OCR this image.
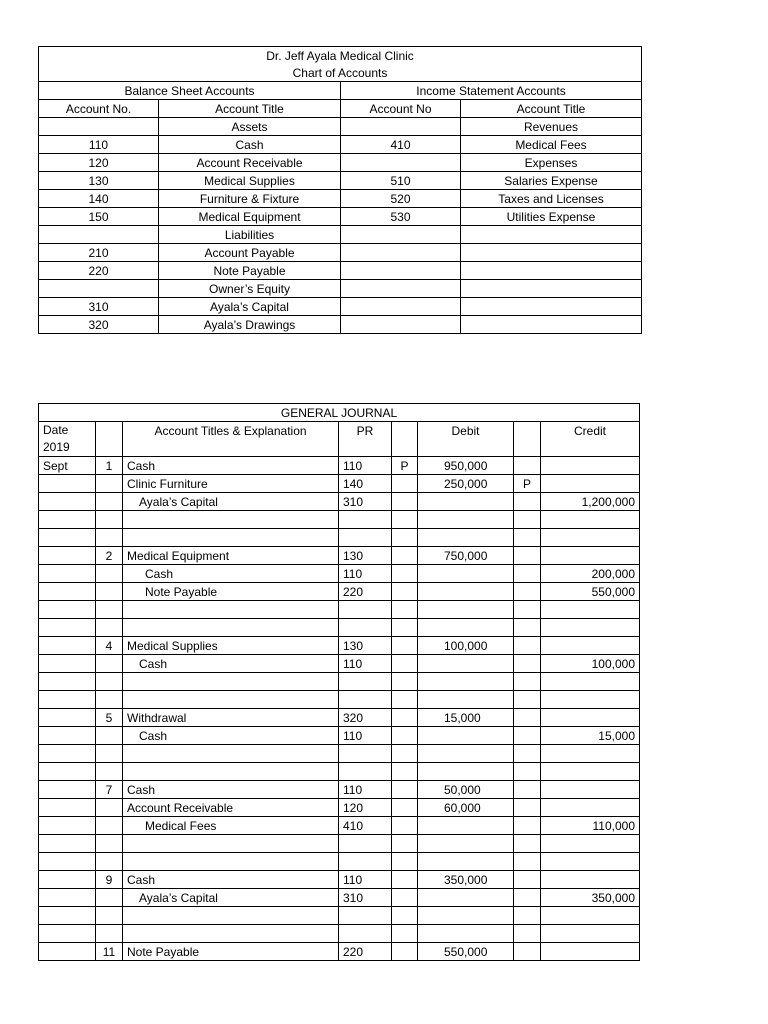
Dr. Jeff Ayala Medical Clinic			
Chart of Accounts			
Balance Sheet Accounts		Income Statement Accounts	
Account No.	Account Title	Account No	Account Title
	Assets		Revenues
110	Cash	410	Medical Fees
120	Account Receivable		Expenses
130	Medical Supplies	510	Salaries Expense
140	Furniture & Fixture	520	Taxes and Licenses
150	Medical Equipment	530	Utilities Expense
	Liabilities		
210	Account Payable		
220	Note Payable		
	Owner’s Equity		
310	Ayala’s Capital		
320	Ayala’s Drawings		
GENERAL JOURNAL							

Date
2019		Account Titles & Explanation	PR		Debit		Credit
Sept	1	Cash	110	P	950,000		
		Clinic Furniture	140		250,000	P	
		Ayala’s Capital	310				1,200,000

	2	Medical Equipment	130		750,000		
		Cash	110				200,000
		Note Payable	220				550,000

	4	Medical Supplies	130		100,000		
		Cash	110				100,000

	5	Withdrawal	320		15,000		
		Cash	110				15,000

	7	Cash	110		50,000		
		Account Receivable	120		60,000		
		Medical Fees	410				110,000

	9	Cash	110		350,000		
		Ayala’s Capital	310				350,000

	11	Note Payable	220		550,000		
